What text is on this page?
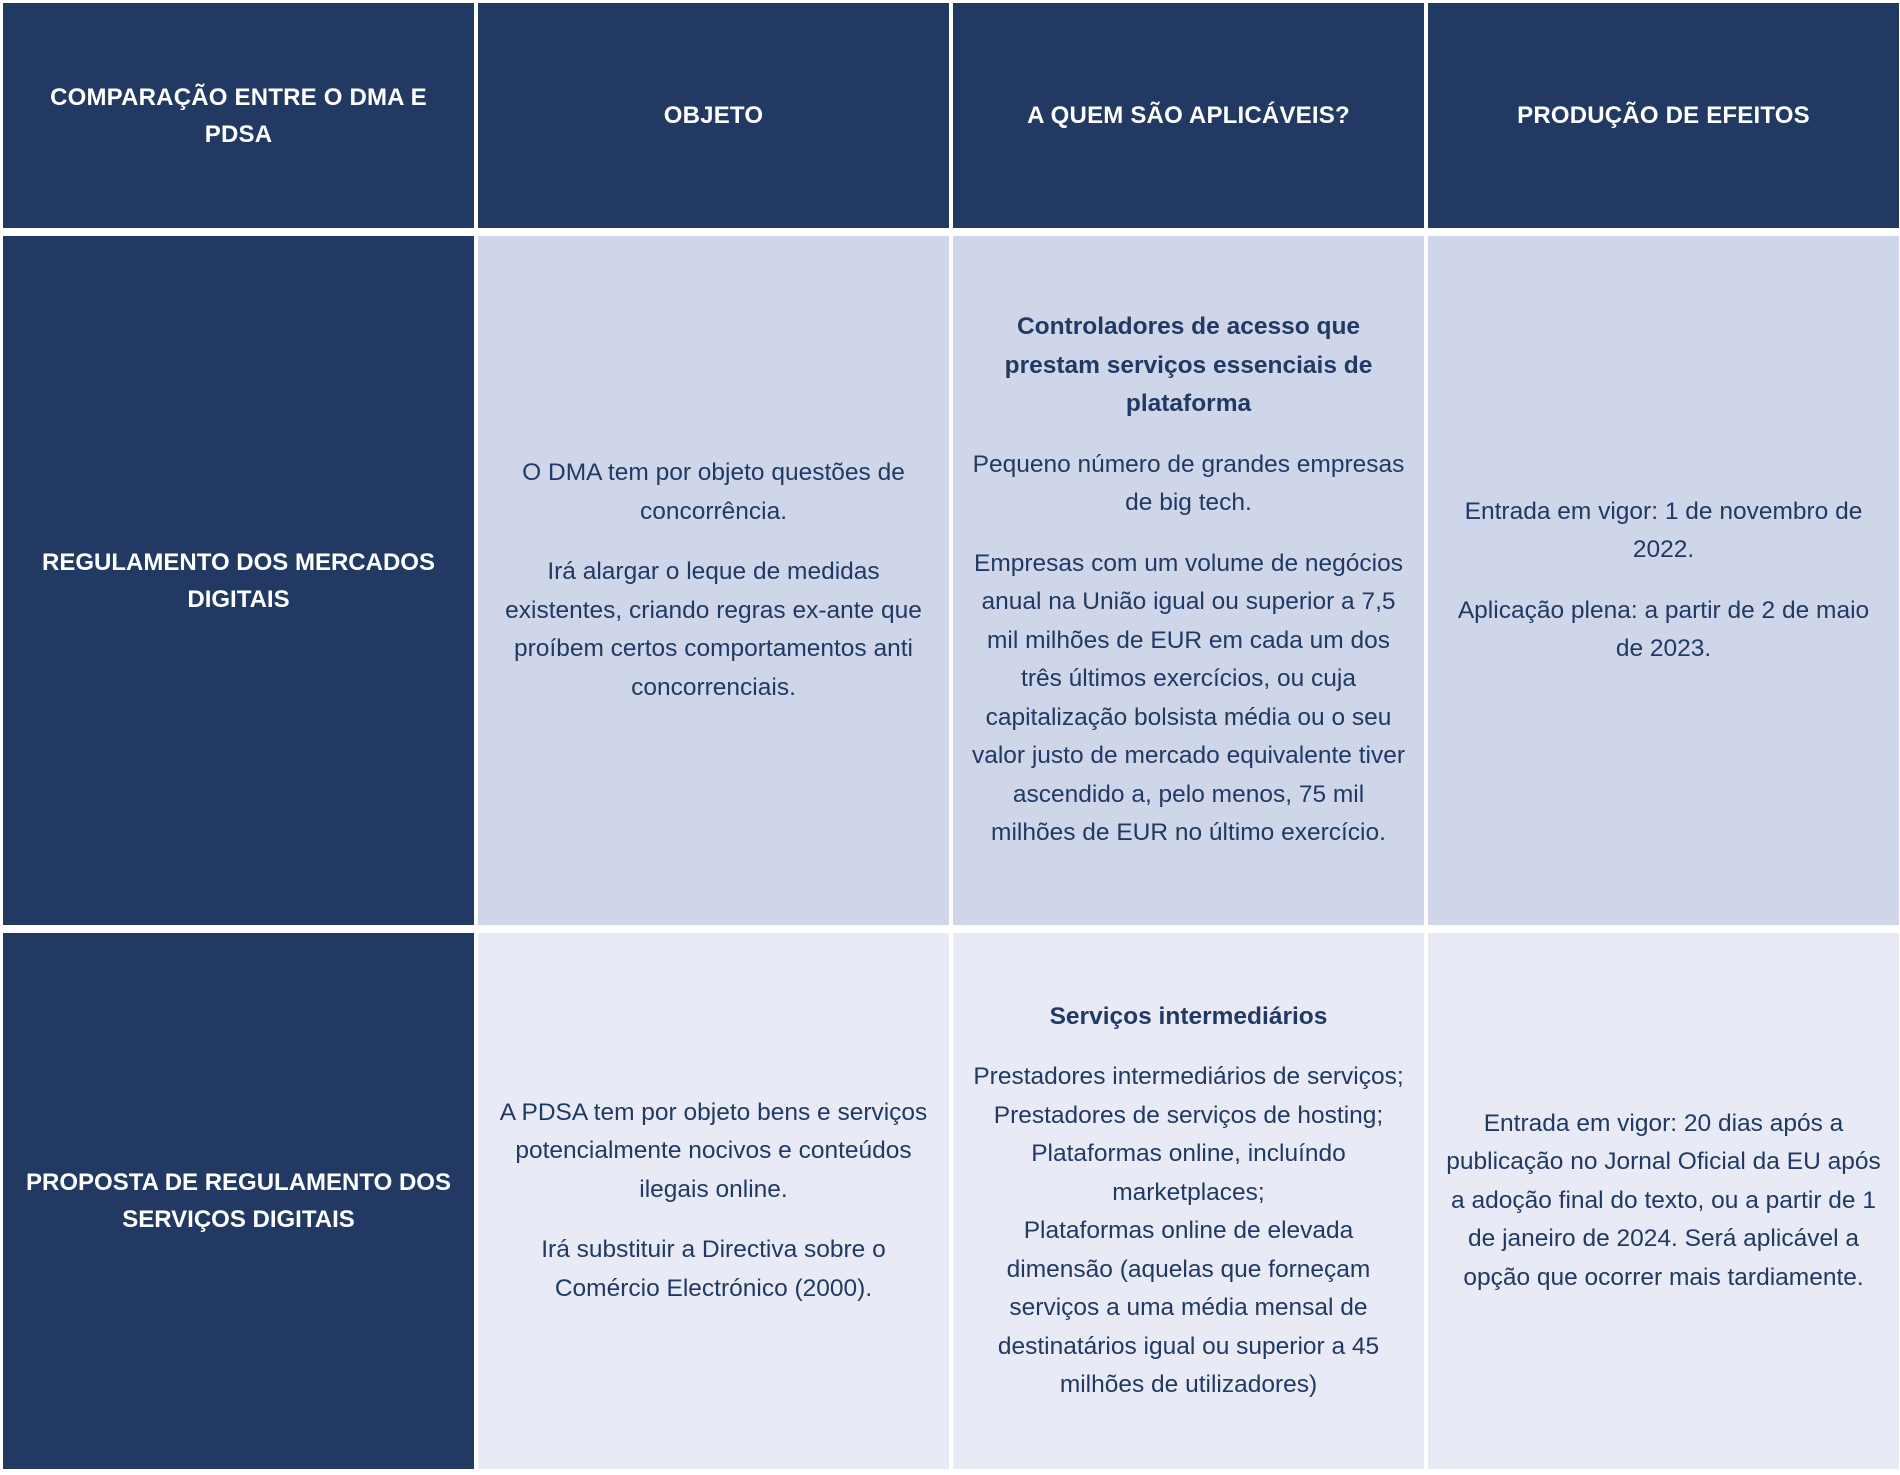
COMPARAÇÃO ENTRE O DMA E PDSA
OBJETO	A QUEM SÃO APLICÁVEIS?	PRODUÇÃO DE EFEITOS
REGULAMENTO DOS MERCADOS DIGITAIS

O DMA tem por objeto questões de concorrência.

Irá alargar o leque de medidas existentes, criando regras ex-ante que proíbem certos comportamentos anti concorrenciais.

Controladores de acesso que prestam serviços essenciais de plataforma

Pequeno número de grandes empresas de big tech.

Empresas com um volume de negócios anual na União igual ou superior a 7,5 mil milhões de EUR em cada um dos três últimos exercícios, ou cuja capitalização bolsista média ou o seu valor justo de mercado equivalente tiver ascendido a, pelo menos, 75 mil milhões de EUR no último exercício.

Entrada em vigor: 1 de novembro de 2022.

Aplicação plena: a partir de 2 de maio de 2023.

PROPOSTA DE REGULAMENTO DOS SERVIÇOS DIGITAIS

A PDSA tem por objeto bens e serviços potencialmente nocivos e conteúdos ilegais online.

Irá substituir a Directiva sobre o Comércio Electrónico (2000).

Serviços intermediários

Prestadores intermediários de serviços;
Prestadores de serviços de hosting;
Plataformas online, incluíndo marketplaces;
Plataformas online de elevada dimensão (aquelas que forneçam serviços a uma média mensal de destinatários igual ou superior a 45 milhões de utilizadores)

Entrada em vigor: 20 dias após a publicação no Jornal Oficial da EU após a adoção final do texto, ou a partir de 1 de janeiro de 2024. Será aplicável a opção que ocorrer mais tardiamente.
